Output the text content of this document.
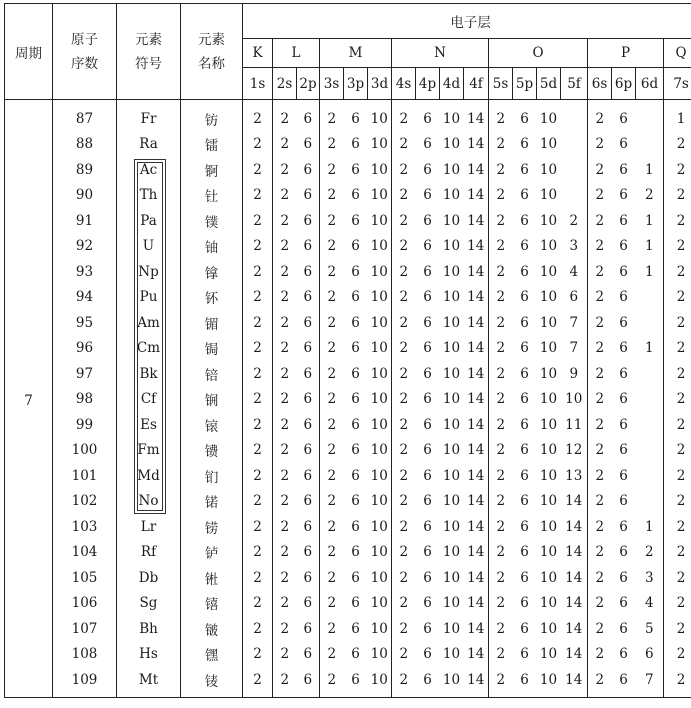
周期	原子序数	元素符号	元素名称	电子层																	
				K	L		M			N				O				P			Q
				1s	2s	2p	3s	3p	3d	4s	4p	4d	4f	5s	5p	5d	5f	6s	6p	6d	7s
7	87	Fr	钫	2	2	6	2	6	10	2	6	10	14	2	6	10		2	6		1
	88	Ra	镭	2	2	6	2	6	10	2	6	10	14	2	6	10		2	6		2
	89	Ac	锕	2	2	6	2	6	10	2	6	10	14	2	6	10		2	6	1	2
	90	Th	钍	2	2	6	2	6	10	2	6	10	14	2	6	10		2	6	2	2
	91	Pa	镤	2	2	6	2	6	10	2	6	10	14	2	6	10	2	2	6	1	2
	92	U	铀	2	2	6	2	6	10	2	6	10	14	2	6	10	3	2	6	1	2
	93	Np	镎	2	2	6	2	6	10	2	6	10	14	2	6	10	4	2	6	1	2
	94	Pu	钚	2	2	6	2	6	10	2	6	10	14	2	6	10	6	2	6		2
	95	Am	镅	2	2	6	2	6	10	2	6	10	14	2	6	10	7	2	6		2
	96	Cm	锔	2	2	6	2	6	10	2	6	10	14	2	6	10	7	2	6	1	2
	97	Bk	锫	2	2	6	2	6	10	2	6	10	14	2	6	10	9	2	6		2
	98	Cf	锎	2	2	6	2	6	10	2	6	10	14	2	6	10	10	2	6		2
	99	Es	锿	2	2	6	2	6	10	2	6	10	14	2	6	10	11	2	6		2
	100	Fm	镄	2	2	6	2	6	10	2	6	10	14	2	6	10	12	2	6		2
	101	Md	钔	2	2	6	2	6	10	2	6	10	14	2	6	10	13	2	6		2
	102	No	锘	2	2	6	2	6	10	2	6	10	14	2	6	10	14	2	6		2
	103	Lr	铹	2	2	6	2	6	10	2	6	10	14	2	6	10	14	2	6	1	2
	104	Rf	𬬻	2	2	6	2	6	10	2	6	10	14	2	6	10	14	2	6	2	2
	105	Db	𬭊	2	2	6	2	6	10	2	6	10	14	2	6	10	14	2	6	3	2
	106	Sg	𬭳	2	2	6	2	6	10	2	6	10	14	2	6	10	14	2	6	4	2
	107	Bh	𬭛	2	2	6	2	6	10	2	6	10	14	2	6	10	14	2	6	5	2
	108	Hs	𬭶	2	2	6	2	6	10	2	6	10	14	2	6	10	14	2	6	6	2
	109	Mt	鿏	2	2	6	2	6	10	2	6	10	14	2	6	10	14	2	6	7	2
